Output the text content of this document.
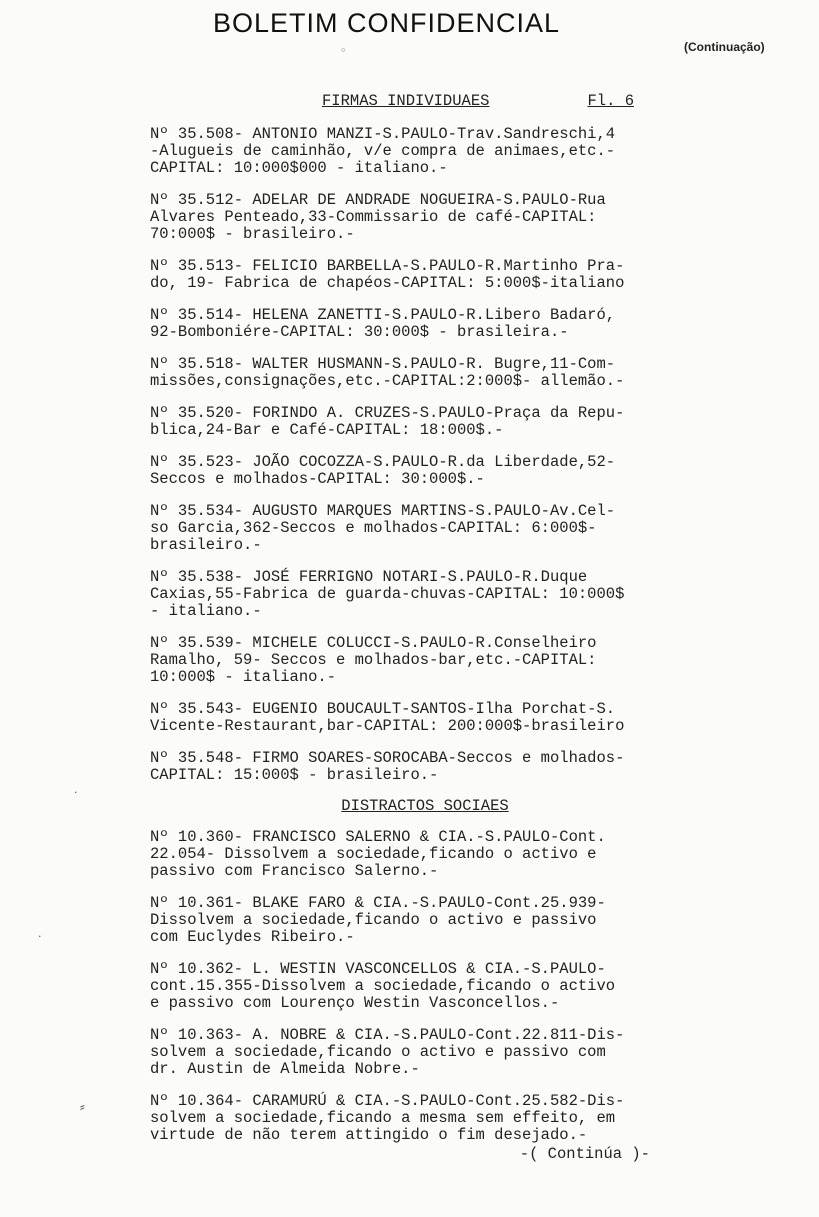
BOLETIM CONFIDENCIAL
(Continuação)
FIRMAS INDIVIDUAES	Fl. 6
Nº 35.508- ANTONIO MANZI-S.PAULO-Trav.Sandreschi,4
-Alugueis de caminhão, v/e compra de animaes,etc.-
CAPITAL: 10:000$000 - italiano.-
Nº 35.512- ADELAR DE ANDRADE NOGUEIRA-S.PAULO-Rua
Alvares Penteado,33-Commissario de café-CAPITAL:
70:000$ - brasileiro.-
Nº 35.513- FELICIO BARBELLA-S.PAULO-R.Martinho Pra-
do, 19- Fabrica de chapéos-CAPITAL: 5:000$-italiano
Nº 35.514- HELENA ZANETTI-S.PAULO-R.Libero Badaró,
92-Bomboniére-CAPITAL: 30:000$ - brasileira.-
Nº 35.518- WALTER HUSMANN-S.PAULO-R. Bugre,11-Com-
missões,consignações,etc.-CAPITAL:2:000$- allemão.-
Nº 35.520- FORINDO A. CRUZES-S.PAULO-Praça da Repu-
blica,24-Bar e Café-CAPITAL: 18:000$.-
Nº 35.523- JOÃO COCOZZA-S.PAULO-R.da Liberdade,52-
Seccos e molhados-CAPITAL: 30:000$.-
Nº 35.534- AUGUSTO MARQUES MARTINS-S.PAULO-Av.Cel-
so Garcia,362-Seccos e molhados-CAPITAL: 6:000$-
brasileiro.-
Nº 35.538- JOSÉ FERRIGNO NOTARI-S.PAULO-R.Duque
Caxias,55-Fabrica de guarda-chuvas-CAPITAL: 10:000$
- italiano.-
Nº 35.539- MICHELE COLUCCI-S.PAULO-R.Conselheiro
Ramalho, 59- Seccos e molhados-bar,etc.-CAPITAL:
10:000$ - italiano.-
Nº 35.543- EUGENIO BOUCAULT-SANTOS-Ilha Porchat-S.
Vicente-Restaurant,bar-CAPITAL: 200:000$-brasileiro
Nº 35.548- FIRMO SOARES-SOROCABA-Seccos e molhados-
CAPITAL: 15:000$ - brasileiro.-
DISTRACTOS SOCIAES
Nº 10.360- FRANCISCO SALERNO & CIA.-S.PAULO-Cont.
22.054- Dissolvem a sociedade,ficando o activo e
passivo com Francisco Salerno.-
Nº 10.361- BLAKE FARO & CIA.-S.PAULO-Cont.25.939-
Dissolvem a sociedade,ficando o activo e passivo
com Euclydes Ribeiro.-
Nº 10.362- L. WESTIN VASCONCELLOS & CIA.-S.PAULO-
cont.15.355-Dissolvem a sociedade,ficando o activo
e passivo com Lourenço Westin Vasconcellos.-
Nº 10.363- A. NOBRE & CIA.-S.PAULO-Cont.22.811-Dis-
solvem a sociedade,ficando o activo e passivo com
dr. Austin de Almeida Nobre.-
Nº 10.364- CARAMURÚ & CIA.-S.PAULO-Cont.25.582-Dis-
solvem a sociedade,ficando a mesma sem effeito, em
virtude de não terem attingido o fim desejado.-
-( Continúa )-
◦
·
⸗
·
